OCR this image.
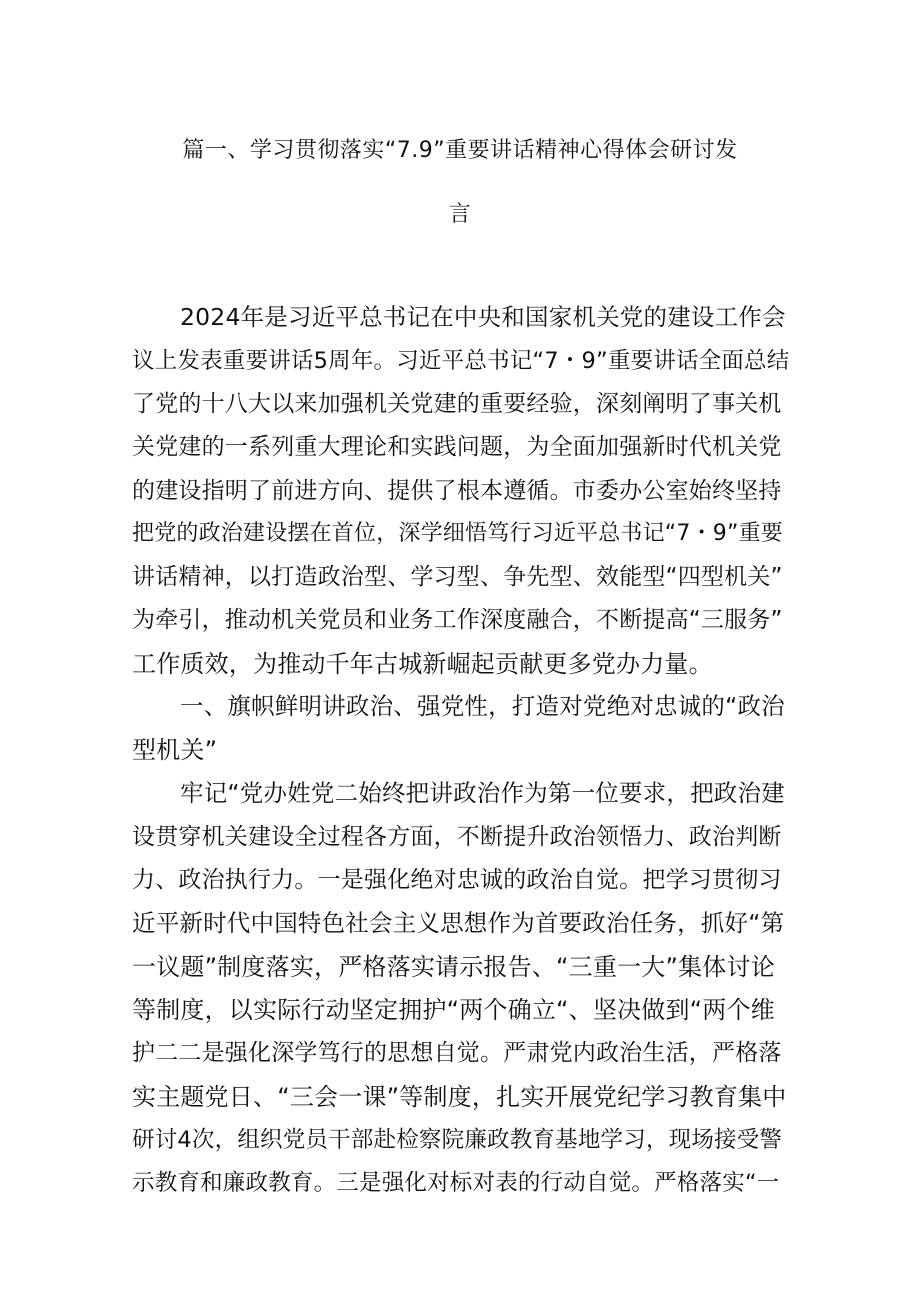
篇一、学习贯彻落实“7.9”重要讲话精神心得体会研讨发
言
2024年是习近平总书记在中央和国家机关党的建设工作会
议上发表重要讲话5周年。习近平总书记“7・9”重要讲话全面总结
了党的十八大以来加强机关党建的重要经验，深刻阐明了事关机
关党建的一系列重大理论和实践问题，为全面加强新时代机关党
的建设指明了前进方向、提供了根本遵循。市委办公室始终坚持
把党的政治建设摆在首位，深学细悟笃行习近平总书记“7・9”重要
讲话精神，以打造政治型、学习型、争先型、效能型“四型机关”
为牵引，推动机关党员和业务工作深度融合，不断提高“三服务”
工作质效，为推动千年古城新崛起贡献更多党办力量。
一、旗帜鲜明讲政治、强党性，打造对党绝对忠诚的“政治
型机关”
牢记“党办姓党二始终把讲政治作为第一位要求，把政治建
设贯穿机关建设全过程各方面，不断提升政治领悟力、政治判断
力、政治执行力。一是强化绝对忠诚的政治自觉。把学习贯彻习
近平新时代中国特色社会主义思想作为首要政治任务，抓好“第
一议题”制度落实，严格落实请示报告、“三重一大”集体讨论
等制度，以实际行动坚定拥护“两个确立“、坚决做到“两个维
护二二是强化深学笃行的思想自觉。严肃党内政治生活，严格落
实主题党日、“三会一课”等制度，扎实开展党纪学习教育集中
研讨4次，组织党员干部赴检察院廉政教育基地学习，现场接受警
示教育和廉政教育。三是强化对标对表的行动自觉。严格落实“一
